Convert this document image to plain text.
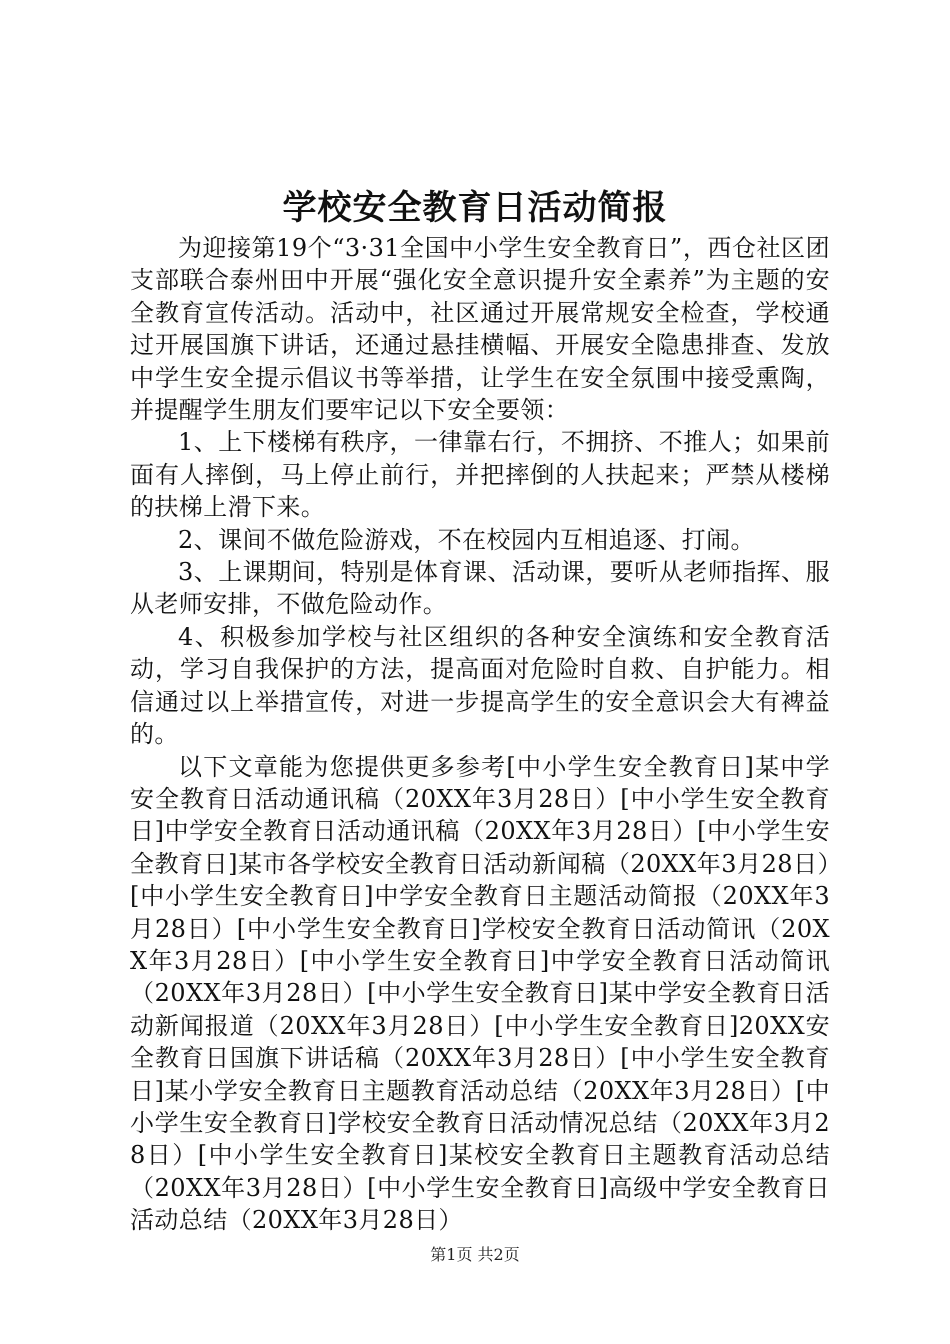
学校安全教育日活动简报

为迎接第19个“3·31全国中小学生安全教育日”，西仓社区团支部联合泰州田中开展“强化安全意识提升安全素养”为主题的安全教育宣传活动。活动中，社区通过开展常规安全检查，学校通过开展国旗下讲话，还通过悬挂横幅、开展安全隐患排查、发放中学生安全提示倡议书等举措，让学生在安全氛围中接受熏陶，并提醒学生朋友们要牢记以下安全要领：

1、上下楼梯有秩序，一律靠右行，不拥挤、不推人；如果前面有人摔倒，马上停止前行，并把摔倒的人扶起来；严禁从楼梯的扶梯上滑下来。

2、课间不做危险游戏，不在校园内互相追逐、打闹。

3、上课期间，特别是体育课、活动课，要听从老师指挥、服从老师安排，不做危险动作。

4、积极参加学校与社区组织的各种安全演练和安全教育活动，学习自我保护的方法，提高面对危险时自救、自护能力。相信通过以上举措宣传，对进一步提高学生的安全意识会大有裨益的。

以下文章能为您提供更多参考[中小学生安全教育日]某中学安全教育日活动通讯稿（20XX年3月28日）[中小学生安全教育日]中学安全教育日活动通讯稿（20XX年3月28日）[中小学生安全教育日]某市各学校安全教育日活动新闻稿（20XX年3月28日）[中小学生安全教育日]中学安全教育日主题活动简报（20XX年3月28日）[中小学生安全教育日]学校安全教育日活动简讯（20XX年3月28日）[中小学生安全教育日]中学安全教育日活动简讯（20XX年3月28日）[中小学生安全教育日]某中学安全教育日活动新闻报道（20XX年3月28日）[中小学生安全教育日]20XX安全教育日国旗下讲话稿（20XX年3月28日）[中小学生安全教育日]某小学安全教育日主题教育活动总结（20XX年3月28日）[中小学生安全教育日]学校安全教育日活动情况总结（20XX年3月28日）[中小学生安全教育日]某校安全教育日主题教育活动总结（20XX年3月28日）[中小学生安全教育日]高级中学安全教育日活动总结（20XX年3月28日）

第1页 共2页
